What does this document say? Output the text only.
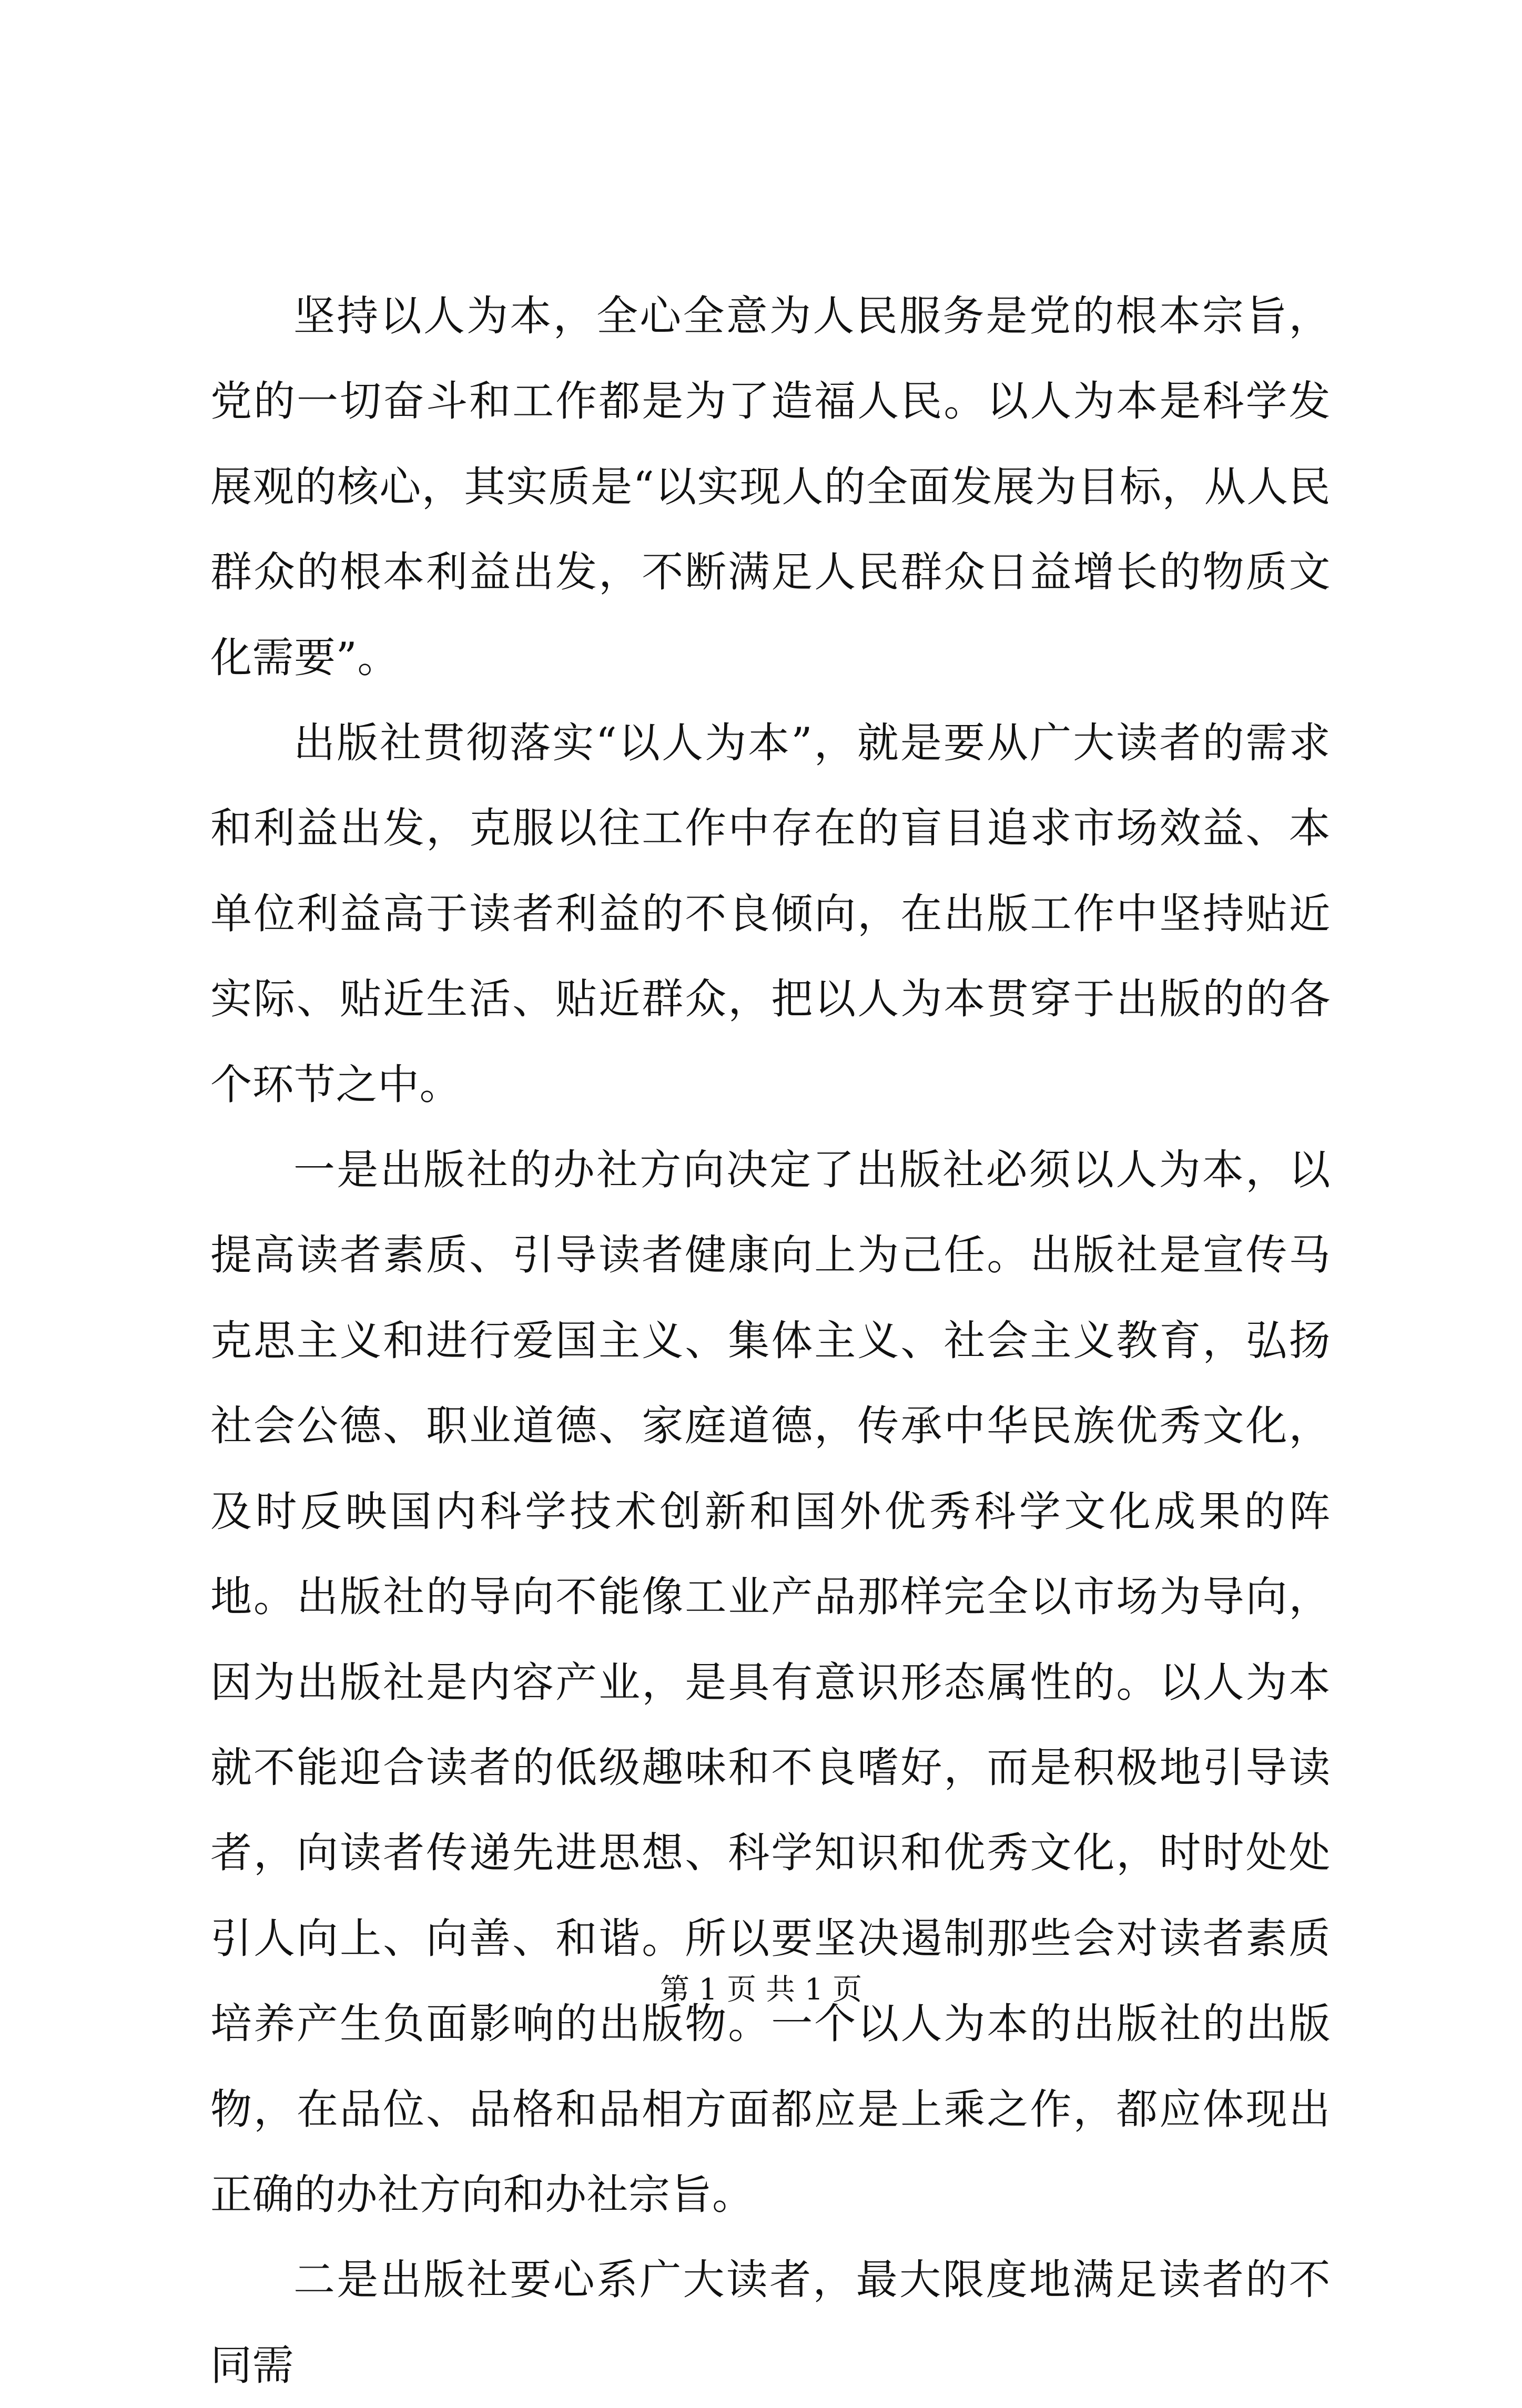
坚持以人为本，全心全意为人民服务是党的根本宗旨，党的一切奋斗和工作都是为了造福人民。以人为本是科学发展观的核心，其实质是“以实现人的全面发展为目标，从人民群众的根本利益出发，不断满足人民群众日益增长的物质文化需要”。

出版社贯彻落实“以人为本”，就是要从广大读者的需求和利益出发，克服以往工作中存在的盲目追求市场效益、本单位利益高于读者利益的不良倾向，在出版工作中坚持贴近实际、贴近生活、贴近群众，把以人为本贯穿于出版的的各个环节之中。

一是出版社的办社方向决定了出版社必须以人为本，以提高读者素质、引导读者健康向上为己任。出版社是宣传马克思主义和进行爱国主义、集体主义、社会主义教育，弘扬社会公德、职业道德、家庭道德，传承中华民族优秀文化，及时反映国内科学技术创新和国外优秀科学文化成果的阵地。出版社的导向不能像工业产品那样完全以市场为导向，因为出版社是内容产业，是具有意识形态属性的。以人为本就不能迎合读者的低级趣味和不良嗜好，而是积极地引导读者，向读者传递先进思想、科学知识和优秀文化，时时处处引人向上、向善、和谐。所以要坚决遏制那些会对读者素质培养产生负面影响的出版物。一个以人为本的出版社的出版物，在品位、品格和品相方面都应是上乘之作，都应体现出正确的办社方向和办社宗旨。

二是出版社要心系广大读者，最大限度地满足读者的不同需

第 1 页 共 1 页
